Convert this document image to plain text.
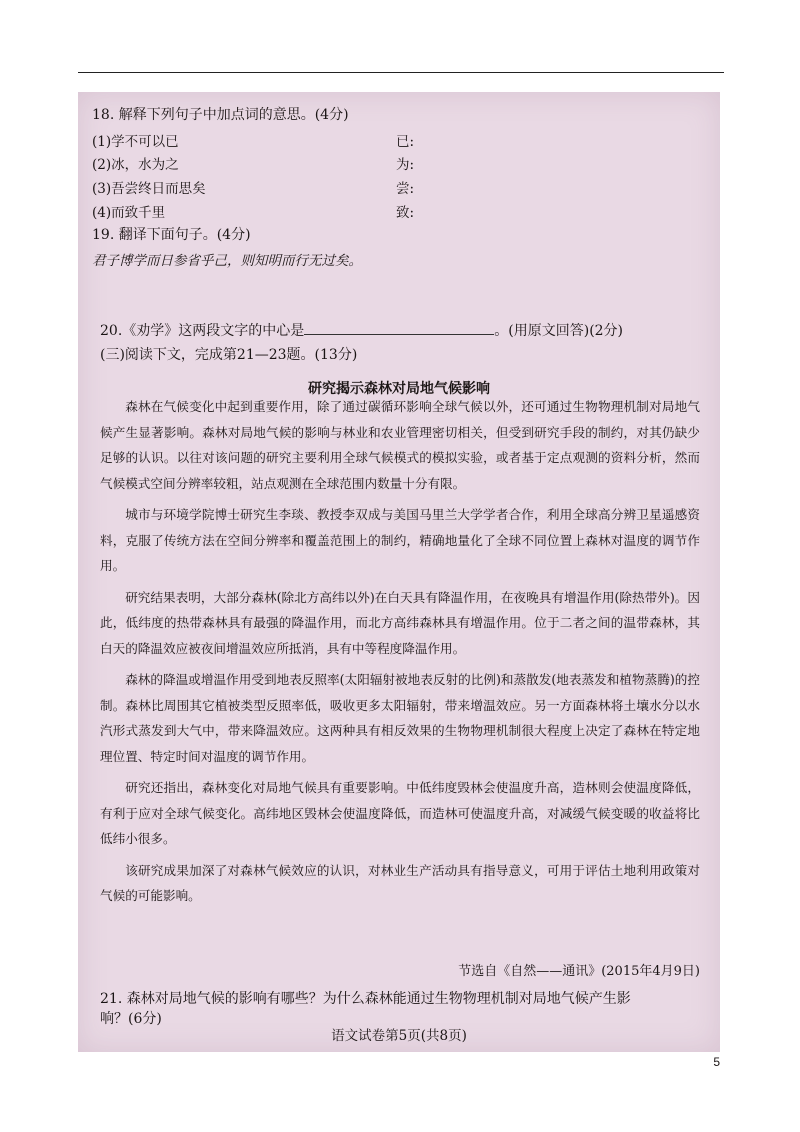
18. 解释下列句子中加点词的意思。(4分)
(1)学不可以已	已:
(2)冰，水为之	为:
(3)吾尝终日而思矣	尝:
(4)而致千里	致:
19. 翻译下面句子。(4分)
君子博学而日参省乎己，则知明而行无过矣。
20.《劝学》这两段文字的中心是	。(用原文回答)(2分)
(三)阅读下文，完成第21—23题。(13分)
研究揭示森林对局地气候影响

森林在气候变化中起到重要作用，除了通过碳循环影响全球气候以外，还可通过生物物理机制对局地气候产生显著影响。森林对局地气候的影响与林业和农业管理密切相关，但受到研究手段的制约，对其仍缺少足够的认识。以往对该问题的研究主要利用全球气候模式的模拟实验，或者基于定点观测的资料分析，然而气候模式空间分辨率较粗，站点观测在全球范围内数量十分有限。

城市与环境学院博士研究生李琰、教授李双成与美国马里兰大学学者合作，利用全球高分辨卫星遥感资料，克服了传统方法在空间分辨率和覆盖范围上的制约，精确地量化了全球不同位置上森林对温度的调节作用。

研究结果表明，大部分森林(除北方高纬以外)在白天具有降温作用，在夜晚具有增温作用(除热带外)。因此，低纬度的热带森林具有最强的降温作用，而北方高纬森林具有增温作用。位于二者之间的温带森林，其白天的降温效应被夜间增温效应所抵消，具有中等程度降温作用。

森林的降温或增温作用受到地表反照率(太阳辐射被地表反射的比例)和蒸散发(地表蒸发和植物蒸腾)的控制。森林比周围其它植被类型反照率低，吸收更多太阳辐射，带来增温效应。另一方面森林将土壤水分以水汽形式蒸发到大气中，带来降温效应。这两种具有相反效果的生物物理机制很大程度上决定了森林在特定地理位置、特定时间对温度的调节作用。

研究还指出，森林变化对局地气候具有重要影响。中低纬度毁林会使温度升高，造林则会使温度降低，有利于应对全球气候变化。高纬地区毁林会使温度降低，而造林可使温度升高，对减缓气候变暖的收益将比低纬小很多。

该研究成果加深了对森林气候效应的认识，对林业生产活动具有指导意义，可用于评估土地利用政策对气候的可能影响。

节选自《自然——通讯》(2015年4月9日)
语文试卷第5页(共8页)
21. 森林对局地气候的影响有哪些？为什么森林能通过生物物理机制对局地气候产生影
响？(6分)
5
